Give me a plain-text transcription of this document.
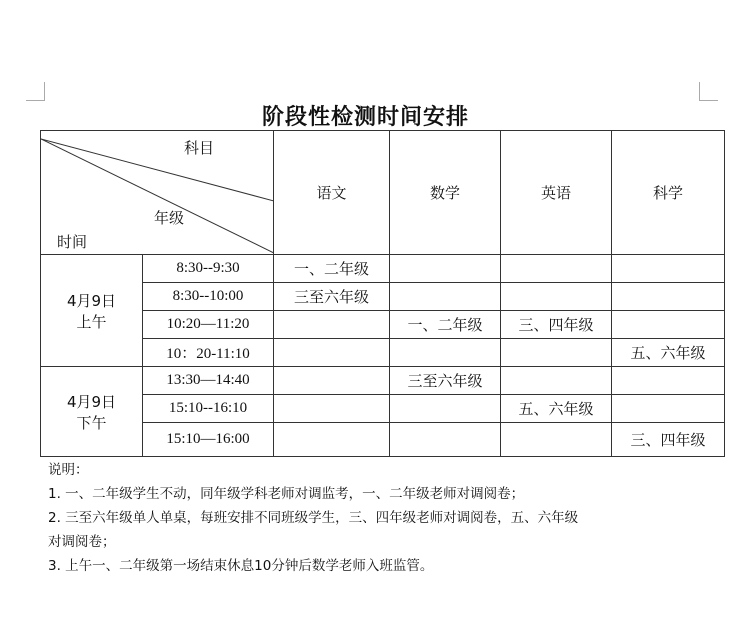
阶段性检测时间安排
科目
年级
时间		语文	数学	英语	科学

4月9日
上午	8:30--9:30	一、二年级			
	8:30--10:00	三至六年级			
	10:20—11:20		一、二年级	三、四年级	
	10：20-11:10				五、六年级

4月9日
下午	13:30—14:40		三至六年级		
	15:10--16:10			五、六年级	
	15:10—16:00				三、四年级
说明：
1. 一、二年级学生不动，同年级学科老师对调监考，一、二年级老师对调阅卷；
2. 三至六年级单人单桌，每班安排不同班级学生，三、四年级老师对调阅卷，五、六年级
对调阅卷；
3. 上午一、二年级第一场结束休息10分钟后数学老师入班监管。
